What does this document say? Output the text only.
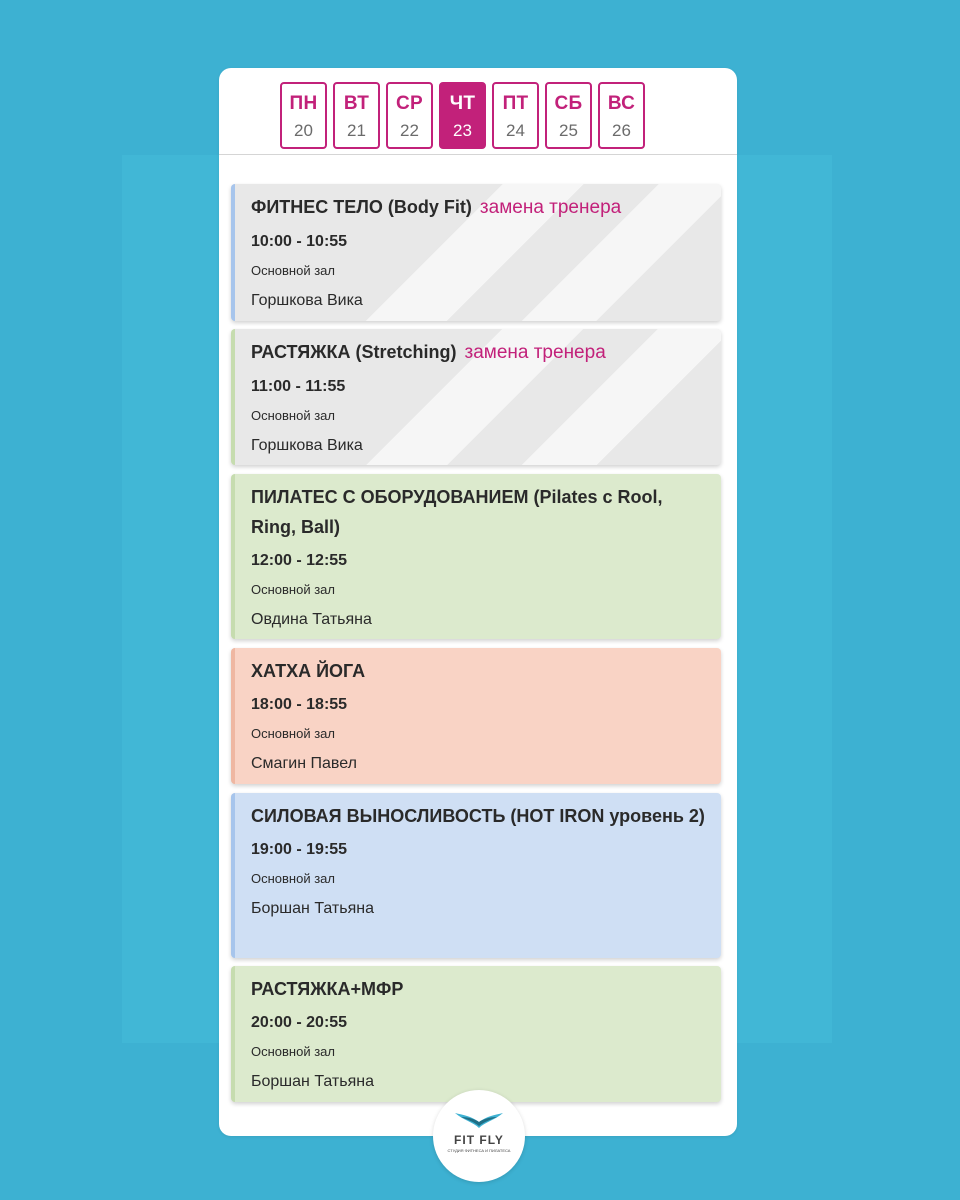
ПН
20
ВТ
21
СР
22
ЧТ
23
ПТ
24
СБ
25
ВС
26
ФИТНЕС ТЕЛО (Body Fit) замена тренера
10:00 - 10:55
Основной зал
Горшкова Вика
РАСТЯЖКА (Stretching) замена тренера
11:00 - 11:55
Основной зал
Горшкова Вика
ПИЛАТЕС С ОБОРУДОВАНИЕМ (Pilates c Rool, Ring, Ball)
12:00 - 12:55
Основной зал
Овдина Татьяна
ХАТХА ЙОГА
18:00 - 18:55
Основной зал
Смагин Павел
СИЛОВАЯ ВЫНОСЛИВОСТЬ (HOT IRON уровень 2)
19:00 - 19:55
Основной зал
Боршан Татьяна
РАСТЯЖКА+МФР
20:00 - 20:55
Основной зал
Боршан Татьяна
FIT FLY
СТУДИЯ ФИТНЕСА И ПИЛАТЕСА
